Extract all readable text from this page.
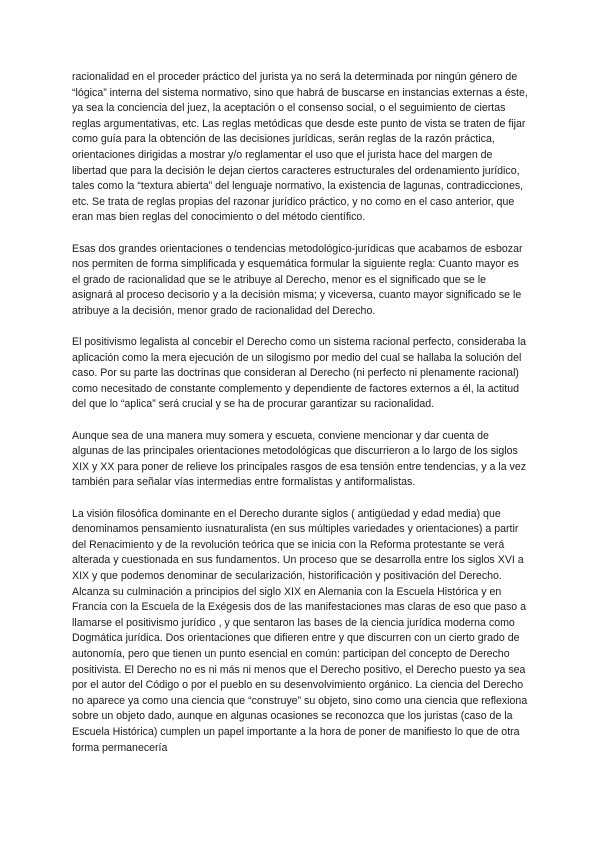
racionalidad en el proceder práctico del jurista ya no será la determinada por ningún género de “lógica” interna del sistema normativo, sino que habrá de buscarse en instancias externas a éste, ya sea la conciencia del juez, la aceptación o el consenso social, o el seguimiento de ciertas reglas argumentativas, etc. Las reglas metódicas que desde este punto de vista se traten de fijar como guía para la obtención de las decisiones jurídicas, serán reglas de la razón práctica, orientaciones dirigidas a mostrar y/o reglamentar el uso que el jurista hace del margen de libertad que para la decisión le dejan ciertos caracteres estructurales del ordenamiento jurídico, tales como la “textura abierta” del lenguaje normativo, la existencia de lagunas, contradicciones, etc. Se trata de reglas propias del razonar jurídico práctico, y no como en el caso anterior, que eran mas bien reglas del conocimiento o del método científico.

Esas dos grandes orientaciones o tendencias metodológico-jurídicas que acabamos de esbozar nos permiten de forma simplificada y esquemática formular la siguiente regla: Cuanto mayor es el grado de racionalidad que se le atribuye al Derecho, menor es el significado que se le asignará al proceso decisorio y a la decisión misma; y viceversa, cuanto mayor significado se le atribuye a la decisión, menor grado de racionalidad del Derecho.

El positivismo legalista al concebir el Derecho como un sistema racional perfecto, consideraba la aplicación como la mera ejecución de un silogismo por medio del cual se hallaba la solución del caso. Por su parte las doctrinas que consideran al Derecho (ni perfecto ni plenamente racional) como necesitado de constante complemento y dependiente de factores externos a él, la actitud del que lo “aplica” será crucial y se ha de procurar garantizar su racionalidad.

Aunque sea de una manera muy somera y escueta, conviene mencionar y dar cuenta de algunas de las principales orientaciones metodológicas que discurrieron a lo largo de los siglos XIX y XX para poner de relieve los principales rasgos de esa tensión entre tendencias, y a la vez también para señalar vías intermedias entre formalistas y antiformalistas.

La visión filosófica dominante en el Derecho durante siglos ( antigüedad y edad media) que denominamos pensamiento iusnaturalista (en sus múltiples variedades y orientaciones) a partir del Renacimiento y de la revolución teórica que se inicia con la Reforma protestante se verá alterada y cuestionada en sus fundamentos. Un proceso que se desarrolla entre los siglos XVI a XIX y que podemos denominar de secularización, historificación y positivación del Derecho. Alcanza su culminación a principios del siglo XIX en Alemania con la Escuela Histórica y en Francia con la Escuela de la Exégesis dos de las manifestaciones mas claras de eso que paso a llamarse el positivismo jurídico , y que sentaron las bases de la ciencia jurídica moderna como Dogmática jurídica. Dos orientaciones que difieren entre y que discurren con un cierto grado de autonomía, pero que tienen un punto esencial en común: participan del concepto de Derecho positivista. El Derecho no es ni más ni menos que el Derecho positivo, el Derecho puesto ya sea por el autor del Código o por el pueblo en su desenvolvimiento orgánico. La ciencia del Derecho no aparece ya como una ciencia que “construye” su objeto, sino como una ciencia que reflexiona sobre un objeto dado, aunque en algunas ocasiones se reconozca que los juristas (caso de la Escuela Histórica) cumplen un papel importante a la hora de poner de manifiesto lo que de otra forma permanecería
